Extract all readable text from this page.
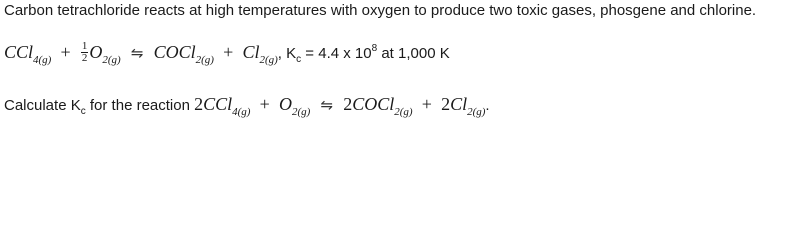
Carbon tetrachloride reacts at high temperatures with oxygen to produce two toxic gases, phosgene and chlorine.
$CCl_{4(g)} + \frac{1}{2} O_{2(g)}$ ⇋ COCl$_{2(g)}$ + $Cl_{2(g)}$, $K_c = 4.4$ x $10^8$ at 1,000 K
Calculate $K_c$ for the reaction $2CCl_{4(g)} + O_{2(g)}$ ⇋ 2COCl$_{2(g)}$ + $2Cl_{2(g)}$.
